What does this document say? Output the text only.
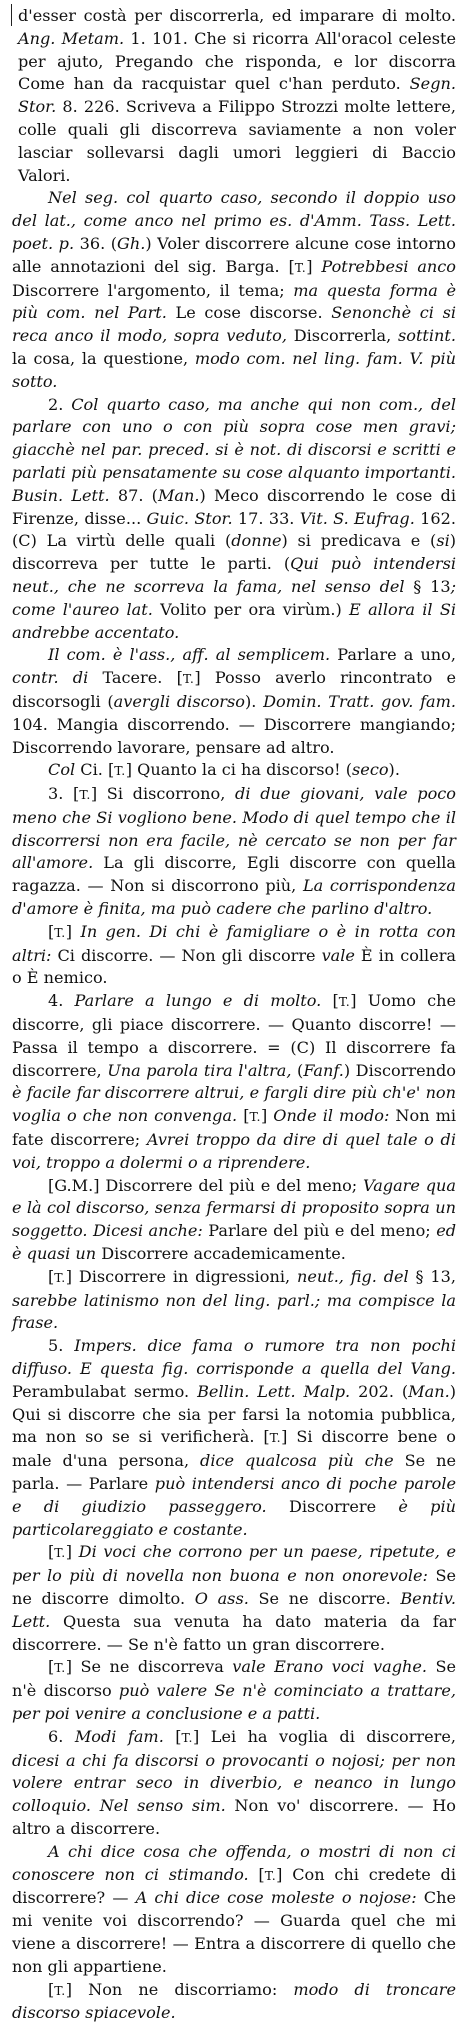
d'esser costà per discorrerla, ed imparare di molto. Ang. Metam. 1. 101. Che si ricorra All'oracol celeste per ajuto, Pregando che risponda, e lor discorra Come han da racquistar quel c'han perduto. Segn. Stor. 8. 226. Scriveva a Filippo Strozzi molte lettere, colle quali gli discorreva saviamente a non voler lasciar sollevarsi dagli umori leggieri di Baccio Valori.

Nel seg. col quarto caso, secondo il doppio uso del lat., come anco nel primo es. d'Amm. Tass. Lett. poet. p. 36. (Gh.) Voler discorrere alcune cose intorno alle annotazioni del sig. Barga. [T.] Potrebbesi anco Discorrere l'argomento, il tema; ma questa forma è più com. nel Part. Le cose discorse. Senonchè ci si reca anco il modo, sopra veduto, Discorrerla, sottint. la cosa, la questione, modo com. nel ling. fam. V. più sotto.

2. Col quarto caso, ma anche qui non com., del parlare con uno o con più sopra cose men gravi; giacchè nel par. preced. si è not. di discorsi e scritti e parlati più pensatamente su cose alquanto importanti. Busin. Lett. 87. (Man.) Meco discorrendo le cose di Firenze, disse... Guic. Stor. 17. 33. Vit. S. Eufrag. 162. (C) La virtù delle quali (donne) si predicava e (si) discorreva per tutte le parti. (Qui può intendersi neut., che ne scorreva la fama, nel senso del § 13; come l'aureo lat. Volito per ora virùm.) E allora il Si andrebbe accentato.

Il com. è l'ass., aff. al semplicem. Parlare a uno, contr. di Tacere. [T.] Posso averlo rincontrato e discorsogli (avergli discorso). Domin. Tratt. gov. fam. 104. Mangia discorrendo. — Discorrere mangiando; Discorrendo lavorare, pensare ad altro.

Col Ci. [T.] Quanto la ci ha discorso! (seco).

3. [T.] Si discorrono, di due giovani, vale poco meno che Si vogliono bene. Modo di quel tempo che il discorrersi non era facile, nè cercato se non per far all'amore. La gli discorre, Egli discorre con quella ragazza. — Non si discorrono più, La corrispondenza d'amore è finita, ma può cadere che parlino d'altro.

[T.] In gen. Di chi è famigliare o è in rotta con altri: Ci discorre. — Non gli discorre vale È in collera o È nemico.

4. Parlare a lungo e di molto. [T.] Uomo che discorre, gli piace discorrere. — Quanto discorre! — Passa il tempo a discorrere. = (C) Il discorrere fa discorrere, Una parola tira l'altra, (Fanf.) Discorrendo è facile far discorrere altrui, e fargli dire più ch'e' non voglia o che non convenga. [T.] Onde il modo: Non mi fate discorrere; Avrei troppo da dire di quel tale o di voi, troppo a dolermi o a riprendere.

[G.M.] Discorrere del più e del meno; Vagare qua e là col discorso, senza fermarsi di proposito sopra un soggetto. Dicesi anche: Parlare del più e del meno; ed è quasi un Discorrere accademicamente.

[T.] Discorrere in digressioni, neut., fig. del § 13, sarebbe latinismo non del ling. parl.; ma compisce la frase.

5. Impers. dice fama o rumore tra non pochi diffuso. E questa fig. corrisponde a quella del Vang. Perambulabat sermo. Bellin. Lett. Malp. 202. (Man.) Qui si discorre che sia per farsi la notomia pubblica, ma non so se si verificherà. [T.] Si discorre bene o male d'una persona, dice qualcosa più che Se ne parla. — Parlare può intendersi anco di poche parole e di giudizio passeggero. Discorrere è più particolareggiato e costante.

[T.] Di voci che corrono per un paese, ripetute, e per lo più di novella non buona e non onorevole: Se ne discorre dimolto. O ass. Se ne discorre. Bentiv. Lett. Questa sua venuta ha dato materia da far discorrere. — Se n'è fatto un gran discorrere.

[T.] Se ne discorreva vale Erano voci vaghe. Se n'è discorso può valere Se n'è cominciato a trattare, per poi venire a conclusione e a patti.

6. Modi fam. [T.] Lei ha voglia di discorrere, dicesi a chi fa discorsi o provocanti o nojosi; per non volere entrar seco in diverbio, e neanco in lungo colloquio. Nel senso sim. Non vo' discorrere. — Ho altro a discorrere.

A chi dice cosa che offenda, o mostri di non ci conoscere non ci stimando. [T.] Con chi credete di discorrere? — A chi dice cose moleste o nojose: Che mi venite voi discorrendo? — Guarda quel che mi viene a discorrere! — Entra a discorrere di quello che non gli appartiene.

[T.] Non ne discorriamo: modo di troncare discorso spiacevole.
